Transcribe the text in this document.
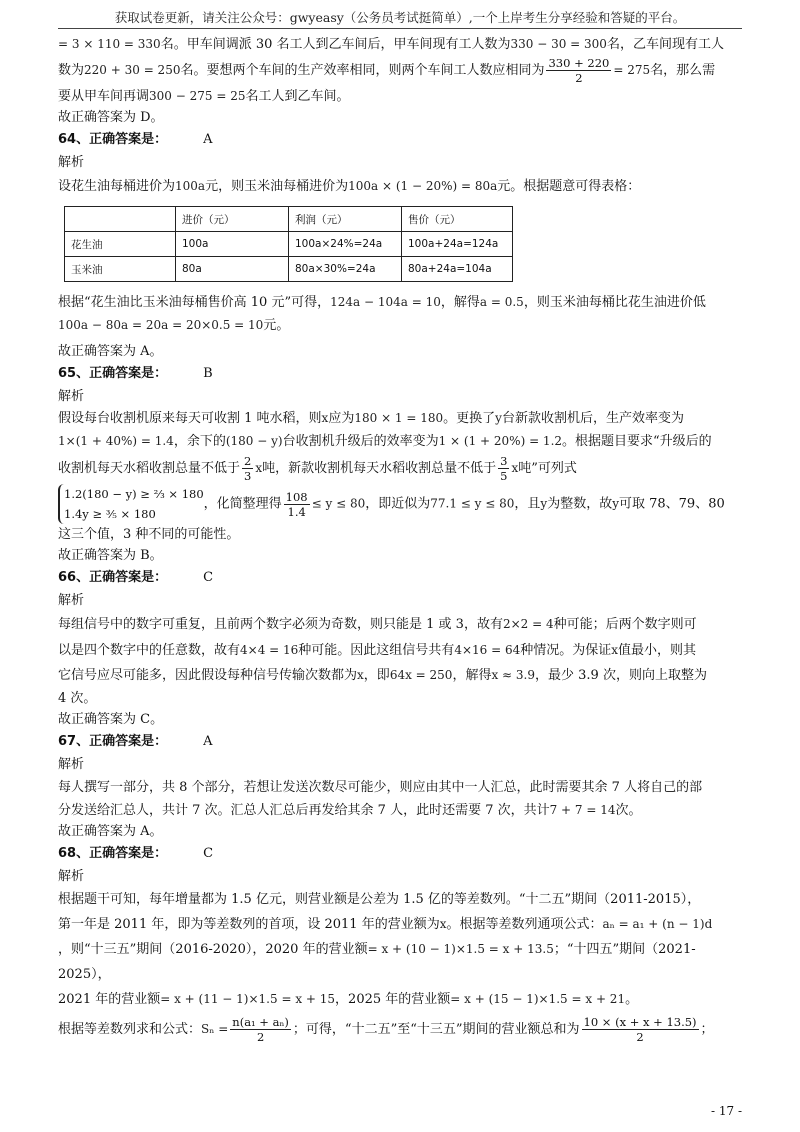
获取试卷更新，请关注公众号：gwyeasy（公务员考试挺简单）,一个上岸考生分享经验和答疑的平台。

= 3 × 110 = 330名。甲车间调派 30 名工人到乙车间后，甲车间现有工人数为330 − 30 = 300名，乙车间现有工人

数为220 + 30 = 250名。要想两个车间的生产效率相同，则两个车间工人数应相同为 $\frac{330 + 220}{2} = 275$名，那么需

要从甲车间再调300 − 275 = 25名工人到乙车间。

故正确答案为 D。

64、正确答案是：	A

解析

设花生油每桶进价为100a元，则玉米油每桶进价为100a × (1 − 20%) = 80a元。根据题意可得表格：

	进价（元）	利润（元）	售价（元）
花生油	100a	100a×24%=24a	100a+24a=124a
玉米油	80a	80a×30%=24a	80a+24a=104a

根据“花生油比玉米油每桶售价高 10 元”可得，124a − 104a = 10，解得a = 0.5，则玉米油每桶比花生油进价低

100a − 80a = 20a = 20×0.5 = 10元。

故正确答案为 A。

65、正确答案是：	B

解析

假设每台收割机原来每天可收割 1 吨水稻，则x应为180 × 1 = 180。更换了y台新款收割机后，生产效率变为

1×(1 + 40%) = 1.4，余下的(180 − y)台收割机升级后的效率变为1 × (1 + 20%) = 1.2。根据题目要求“升级后的

收割机每天水稻收割总量不低于 $\frac{2}{3}$ x吨，新款收割机每天水稻收割总量不低于 $\frac{3}{5}$ x吨”可列式

1.2(180 − y) ≥ ⅔ × 180
1.4y ≥ ⅗ × 180
，化简整理得 $\frac{108}{1.4} \le y \le 80$，即近似为77.1 ≤ y ≤ 80，且y为整数，故y可取 78、79、80

这三个值，3 种不同的可能性。

故正确答案为 B。

66、正确答案是：	C

解析

每组信号中的数字可重复，且前两个数字必须为奇数，则只能是 1 或 3，故有2×2 = 4种可能；后两个数字则可

以是四个数字中的任意数，故有4×4 = 16种可能。因此这组信号共有4×16 = 64种情况。为保证x值最小，则其

它信号应尽可能多，因此假设每种信号传输次数都为x，即64x = 250，解得x ≈ 3.9，最少 3.9 次，则向上取整为

4 次。

故正确答案为 C。

67、正确答案是：	A

解析

每人撰写一部分，共 8 个部分，若想让发送次数尽可能少，则应由其中一人汇总，此时需要其余 7 人将自己的部

分发送给汇总人，共计 7 次。汇总人汇总后再发给其余 7 人，此时还需要 7 次，共计7 + 7 = 14次。

故正确答案为 A。

68、正确答案是：	C

解析

根据题干可知，每年增量都为 1.5 亿元，则营业额是公差为 1.5 亿的等差数列。“十二五”期间（2011-2015），

第一年是 2011 年，即为等差数列的首项，设 2011 年的营业额为x。根据等差数列通项公式：aₙ = a₁ + (n − 1)d

，则“十三五”期间（2016-2020），2020 年的营业额= x + (10 − 1)×1.5 = x + 13.5；“十四五”期间（2021-2025），

2021 年的营业额= x + (11 − 1)×1.5 = x + 15，2025 年的营业额= x + (15 − 1)×1.5 = x + 21。

根据等差数列求和公式：$S_n = \frac{\text{n(a₁ + aₙ)}}{2}$ ；可得，“十二五”至“十三五”期间的营业额总和为 $\frac{10 \times (x + x + 13.5)}{2}$ ；

- 17 -
